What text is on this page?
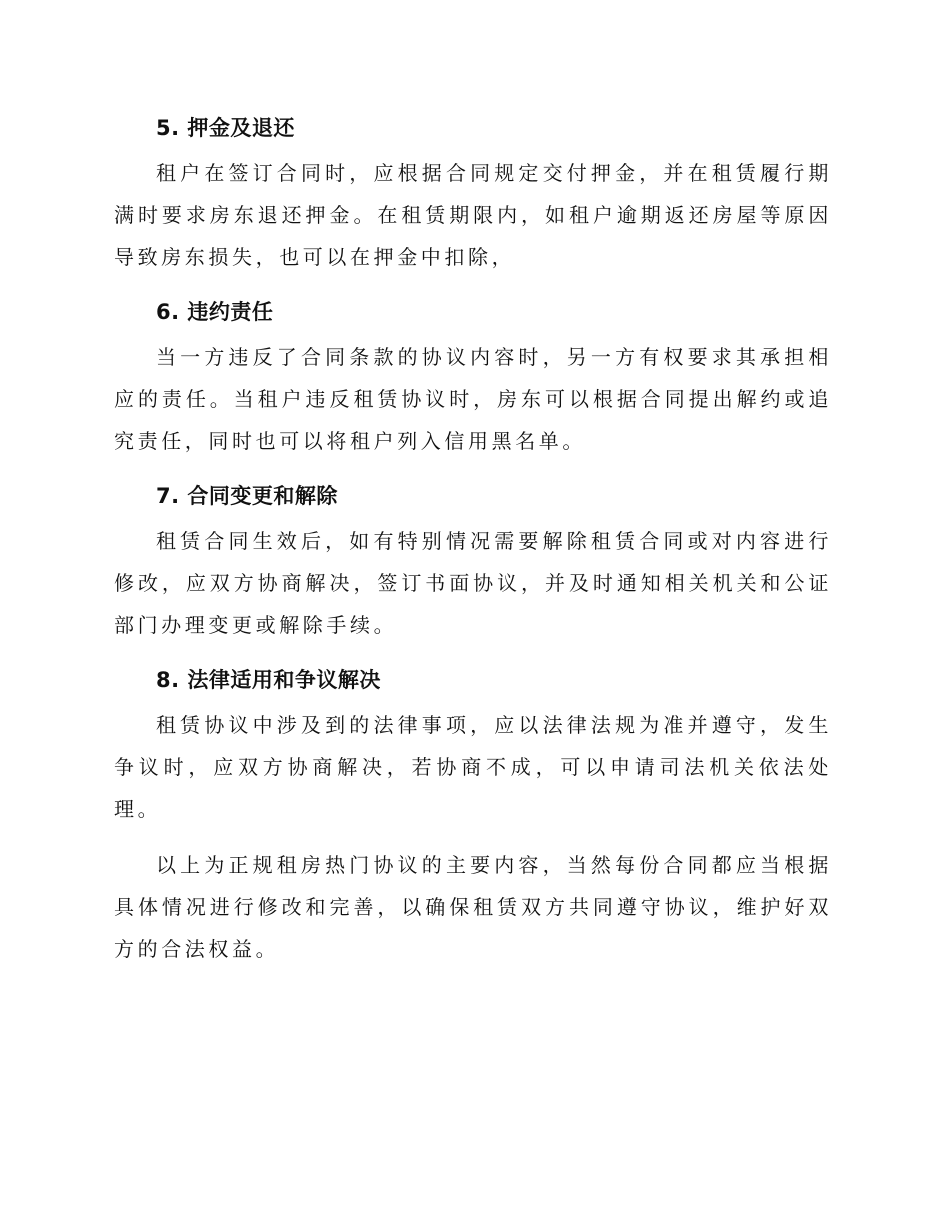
5. 押金及退还

租户在签订合同时，应根据合同规定交付押金，并在租赁履行期满时要求房东退还押金。在租赁期限内，如租户逾期返还房屋等原因导致房东损失，也可以在押金中扣除，

6. 违约责任

当一方违反了合同条款的协议内容时，另一方有权要求其承担相应的责任。当租户违反租赁协议时，房东可以根据合同提出解约或追究责任，同时也可以将租户列入信用黑名单。

7. 合同变更和解除

租赁合同生效后，如有特别情况需要解除租赁合同或对内容进行修改，应双方协商解决，签订书面协议，并及时通知相关机关和公证部门办理变更或解除手续。

8. 法律适用和争议解决

租赁协议中涉及到的法律事项，应以法律法规为准并遵守，发生争议时，应双方协商解决，若协商不成，可以申请司法机关依法处理。

以上为正规租房热门协议的主要内容，当然每份合同都应当根据具体情况进行修改和完善，以确保租赁双方共同遵守协议，维护好双方的合法权益。
